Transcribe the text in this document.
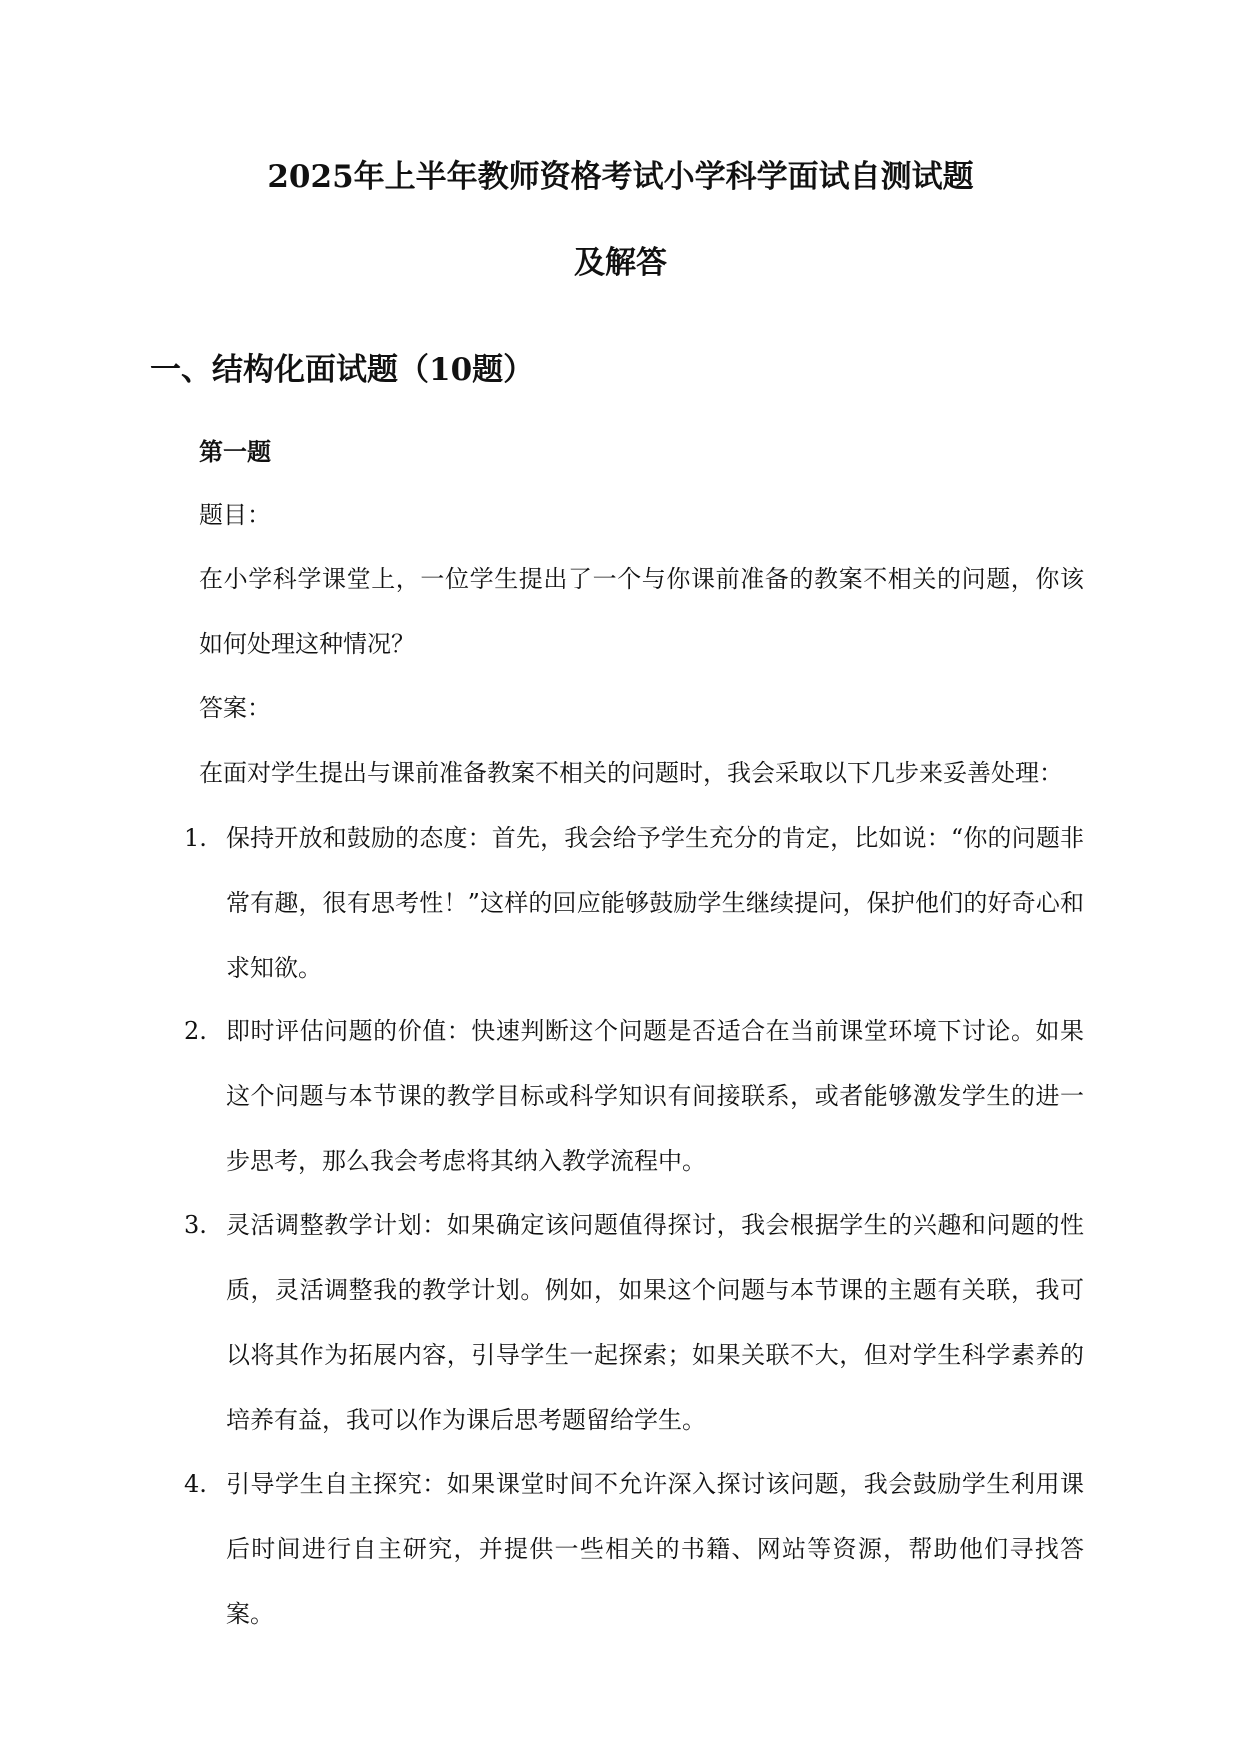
2025年上半年教师资格考试小学科学面试自测试题
及解答
一、结构化面试题（10题）
第一题

题目：

在小学科学课堂上，一位学生提出了一个与你课前准备的教案不相关的问题，你该如何处理这种情况？

答案：

在面对学生提出与课前准备教案不相关的问题时，我会采取以下几步来妥善处理：

1. 保持开放和鼓励的态度：首先，我会给予学生充分的肯定，比如说：“你的问题非常有趣，很有思考性！”这样的回应能够鼓励学生继续提问，保护他们的好奇心和求知欲。
2. 即时评估问题的价值：快速判断这个问题是否适合在当前课堂环境下讨论。如果这个问题与本节课的教学目标或科学知识有间接联系，或者能够激发学生的进一步思考，那么我会考虑将其纳入教学流程中。
3. 灵活调整教学计划：如果确定该问题值得探讨，我会根据学生的兴趣和问题的性质，灵活调整我的教学计划。例如，如果这个问题与本节课的主题有关联，我可以将其作为拓展内容，引导学生一起探索；如果关联不大，但对学生科学素养的培养有益，我可以作为课后思考题留给学生。
4. 引导学生自主探究：如果课堂时间不允许深入探讨该问题，我会鼓励学生利用课后时间进行自主研究，并提供一些相关的书籍、网站等资源，帮助他们寻找答案。
